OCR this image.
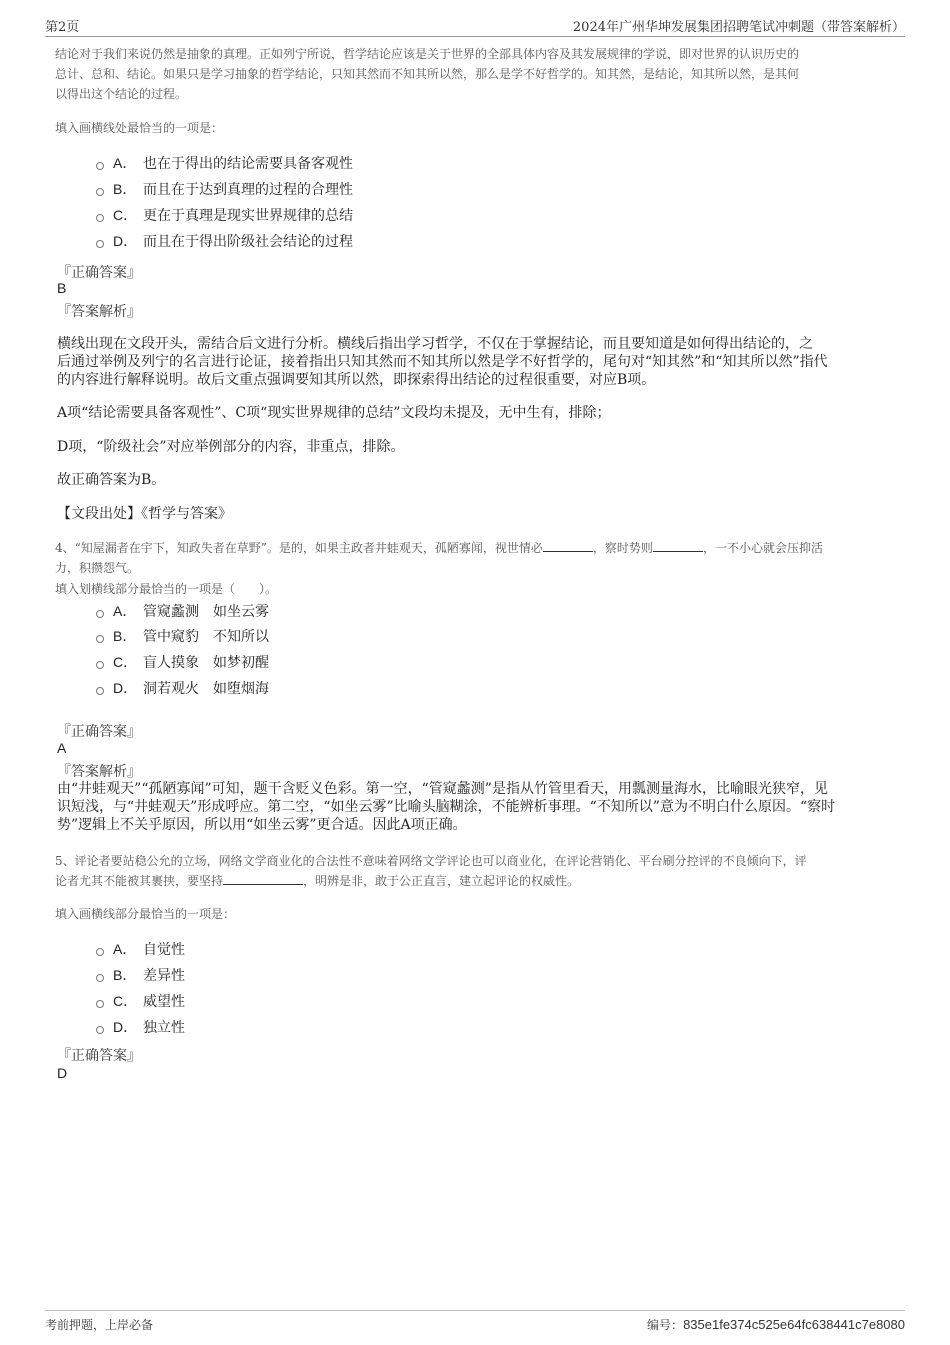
第2页	2024年广州华坤发展集团招聘笔试冲刺题（带答案解析）
结论对于我们来说仍然是抽象的真理。正如列宁所说，哲学结论应该是关于世界的全部具体内容及其发展规律的学说，即对世界的认识历史的
总计、总和、结论。如果只是学习抽象的哲学结论，只知其然而不知其所以然，那么是学不好哲学的。知其然，是结论，知其所以然，是其何
以得出这个结论的过程。
填入画横线处最恰当的一项是：
A． 也在于得出的结论需要具备客观性
B． 而且在于达到真理的过程的合理性
C． 更在于真理是现实世界规律的总结
D． 而且在于得出阶级社会结论的过程
『正确答案』
B
『答案解析』
横线出现在文段开头，需结合后文进行分析。横线后指出学习哲学，不仅在于掌握结论，而且要知道是如何得出结论的，之
后通过举例及列宁的名言进行论证，接着指出只知其然而不知其所以然是学不好哲学的，尾句对“知其然”和“知其所以然”指代
的内容进行解释说明。故后文重点强调要知其所以然，即探索得出结论的过程很重要，对应B项。
A项“结论需要具备客观性”、C项“现实世界规律的总结”文段均未提及，无中生有，排除；
D项，“阶级社会”对应举例部分的内容，非重点，排除。
故正确答案为B。
【文段出处】《哲学与答案》
4、“知屋漏者在宇下，知政失者在草野”。是的，如果主政者井蛙观天，孤陋寡闻，视世情必	，察时势则	，一不小心就会压抑活
力，积攒怨气。
填入划横线部分最恰当的一项是（　　）。
A． 管窥蠡测　如坐云雾
B． 管中窥豹　不知所以
C． 盲人摸象　如梦初醒
D． 洞若观火　如堕烟海
『正确答案』
A
『答案解析』
由“井蛙观天”“孤陋寡闻”可知，题干含贬义色彩。第一空，“管窥蠡测”是指从竹管里看天，用瓢测量海水，比喻眼光狭窄，见
识短浅，与“井蛙观天”形成呼应。第二空，“如坐云雾”比喻头脑糊涂，不能辨析事理。“不知所以”意为不明白什么原因。“察时
势”逻辑上不关乎原因，所以用“如坐云雾”更合适。因此A项正确。
5、评论者要站稳公允的立场，网络文学商业化的合法性不意味着网络文学评论也可以商业化，在评论营销化、平台刷分控评的不良倾向下，评
论者尤其不能被其裹挟，要坚持	，明辨是非，敢于公正直言，建立起评论的权威性。
填入画横线部分最恰当的一项是：
A． 自觉性
B． 差异性
C． 威望性
D． 独立性
『正确答案』
D
考前押题，上岸必备	编号：835e1fe374c525e64fc638441c7e8080
